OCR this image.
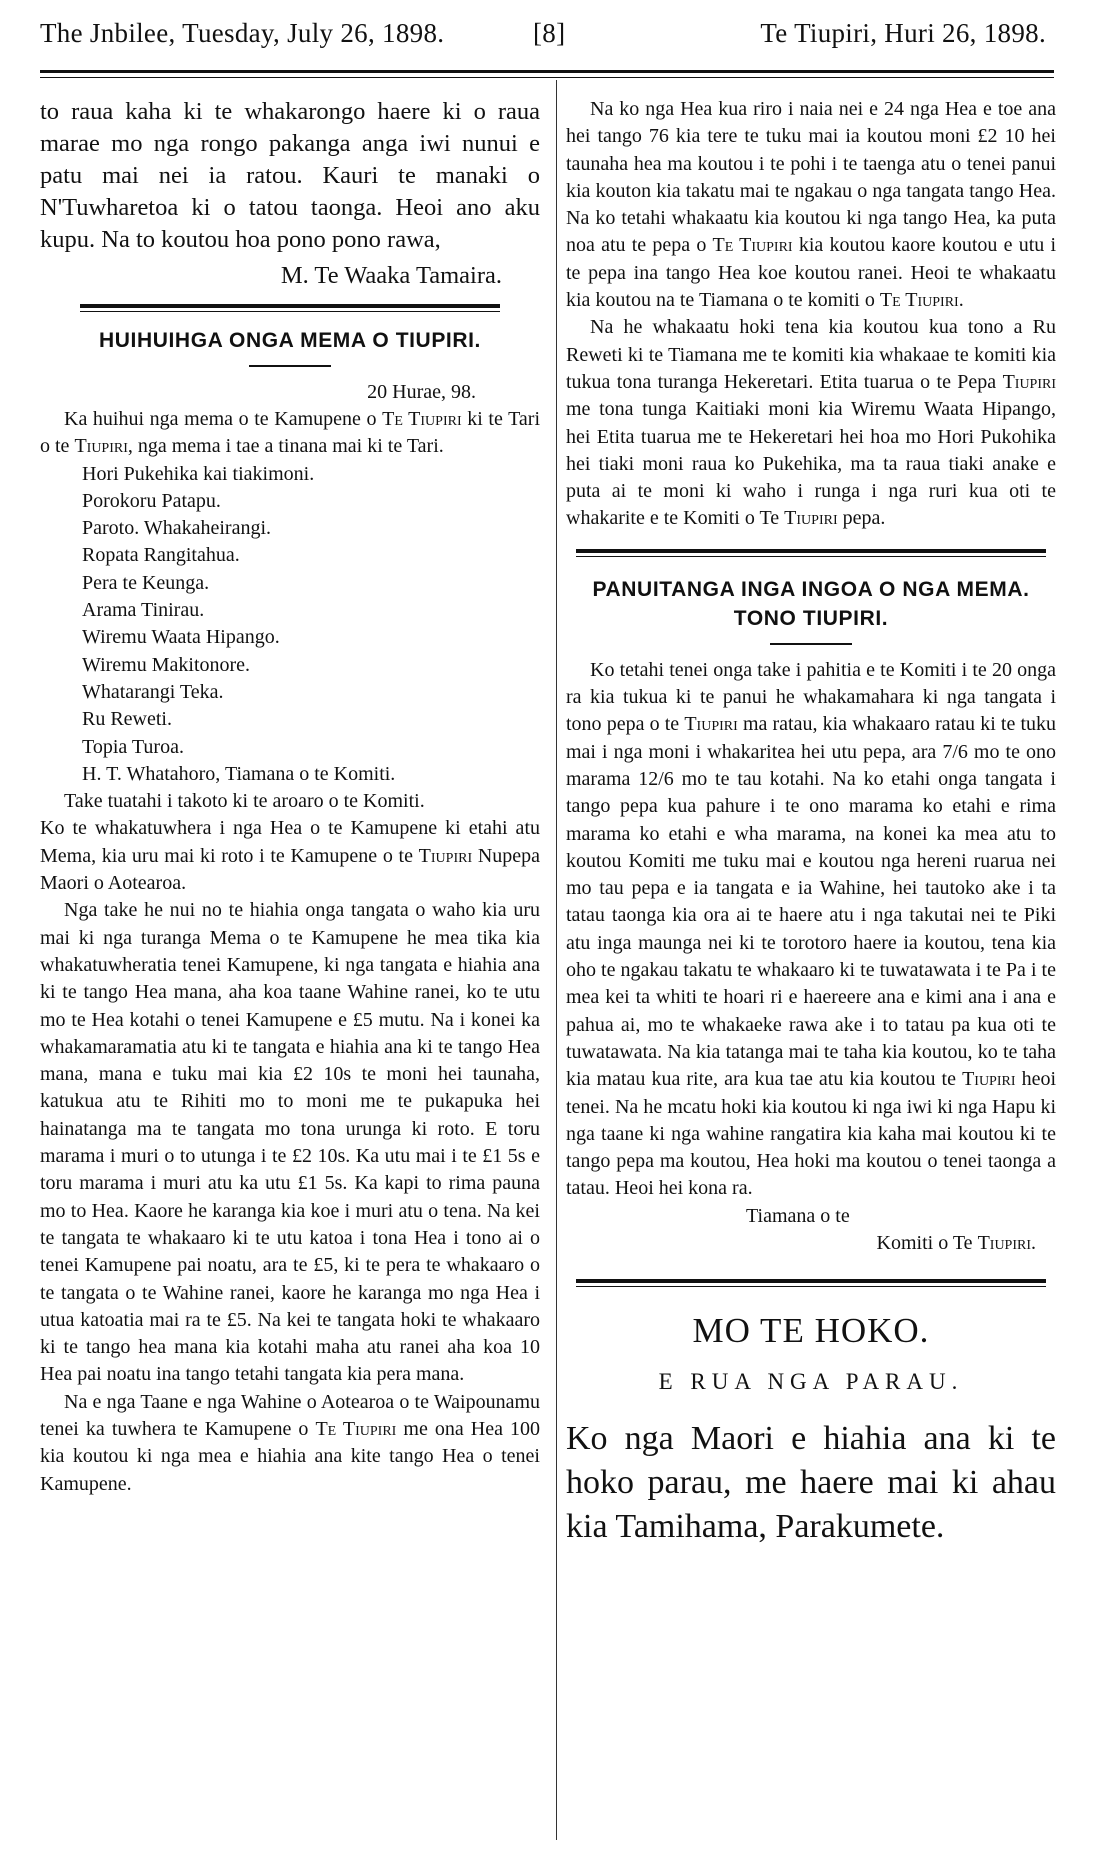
The Jnbilee, Tuesday, July 26, 1898.	[8]	Te Tiupiri, Huri 26, 1898.

to raua kaha ki te whakarongo haere ki o raua marae mo nga rongo pakanga anga iwi nunui e patu mai nei ia ratou. Kauri te manaki o N'Tuwharetoa ki o tatou taonga. Heoi ano aku kupu. Na to koutou hoa pono pono rawa,

M. Te Waaka Tamaira.

HUIHUIHGA ONGA MEMA O TIUPIRI.

20 Hurae, 98.

Ka huihui nga mema o te Kamupene o Te Tiupiri ki te Tari o te Tiupiri, nga mema i tae a tinana mai ki te Tari.

Hori Pukehika kai tiakimoni.
Porokoru Patapu.
Paroto. Whakaheirangi.
Ropata Rangitahua.
Pera te Keunga.
Arama Tinirau.
Wiremu Waata Hipango.
Wiremu Makitonore.
Whatarangi Teka.
Ru Reweti.
Topia Turoa.
H. T. Whatahoro, Tiamana o te Komiti.

Take tuatahi i takoto ki te aroaro o te Komiti.

Ko te whakatuwhera i nga Hea o te Kamupene ki etahi atu Mema, kia uru mai ki roto i te Kamupene o te Tiupiri Nupepa Maori o Aotearoa.

Nga take he nui no te hiahia onga tangata o waho kia uru mai ki nga turanga Mema o te Kamupene he mea tika kia whakatuwheratia tenei Kamupene, ki nga tangata e hiahia ana ki te tango Hea mana, aha koa taane Wahine ranei, ko te utu mo te Hea kotahi o tenei Kamupene e £5 mutu. Na i konei ka whakamaramatia atu ki te tangata e hiahia ana ki te tango Hea mana, mana e tuku mai kia £2 10s te moni hei taunaha, katukua atu te Rihiti mo to moni me te pukapuka hei hainatanga ma te tangata mo tona urunga ki roto. E toru marama i muri o to utunga i te £2 10s. Ka utu mai i te £1 5s e toru marama i muri atu ka utu £1 5s. Ka kapi to rima pauna mo to Hea. Kaore he karanga kia koe i muri atu o tena. Na kei te tangata te whakaaro ki te utu katoa i tona Hea i tono ai o tenei Kamupene pai noatu, ara te £5, ki te pera te whakaaro o te tangata o te Wahine ranei, kaore he karanga mo nga Hea i utua katoatia mai ra te £5. Na kei te tangata hoki te whakaaro ki te tango hea mana kia kotahi maha atu ranei aha koa 10 Hea pai noatu ina tango tetahi tangata kia pera mana.

Na e nga Taane e nga Wahine o Aotearoa o te Waipounamu tenei ka tuwhera te Kamupene o Te Tiupiri me ona Hea 100 kia koutou ki nga mea e hiahia ana kite tango Hea o tenei Kamupene.

Na ko nga Hea kua riro i naia nei e 24 nga Hea e toe ana hei tango 76 kia tere te tuku mai ia koutou moni £2 10 hei taunaha hea ma koutou i te pohi i te taenga atu o tenei panui kia kouton kia takatu mai te ngakau o nga tangata tango Hea. Na ko tetahi whakaatu kia koutou ki nga tango Hea, ka puta noa atu te pepa o Te Tiupiri kia koutou kaore koutou e utu i te pepa ina tango Hea koe koutou ranei. Heoi te whakaatu kia koutou na te Tiamana o te komiti o Te Tiupiri.

Na he whakaatu hoki tena kia koutou kua tono a Ru Reweti ki te Tiamana me te komiti kia whakaae te komiti kia tukua tona turanga Hekeretari. Etita tuarua o te Pepa Tiupiri me tona tunga Kaitiaki moni kia Wiremu Waata Hipango, hei Etita tuarua me te Hekeretari hei hoa mo Hori Pukohika hei tiaki moni raua ko Pukehika, ma ta raua tiaki anake e puta ai te moni ki waho i runga i nga ruri kua oti te whakarite e te Komiti o Te Tiupiri pepa.

PANUITANGA INGA INGOA O NGA MEMA.
TONO TIUPIRI.

Ko tetahi tenei onga take i pahitia e te Komiti i te 20 onga ra kia tukua ki te panui he whakamahara ki nga tangata i tono pepa o te Tiupiri ma ratau, kia whakaaro ratau ki te tuku mai i nga moni i whakaritea hei utu pepa, ara 7/6 mo te ono marama 12/6 mo te tau kotahi. Na ko etahi onga tangata i tango pepa kua pahure i te ono marama ko etahi e rima marama ko etahi e wha marama, na konei ka mea atu to koutou Komiti me tuku mai e koutou nga hereni ruarua nei mo tau pepa e ia tangata e ia Wahine, hei tautoko ake i ta tatau taonga kia ora ai te haere atu i nga takutai nei te Piki atu inga maunga nei ki te torotoro haere ia koutou, tena kia oho te ngakau takatu te whakaaro ki te tuwatawata i te Pa i te mea kei ta whiti te hoari ri e haereere ana e kimi ana i ana e pahua ai, mo te whakaeke rawa ake i to tatau pa kua oti te tuwatawata. Na kia tatanga mai te taha kia koutou, ko te taha kia matau kua rite, ara kua tae atu kia koutou te Tiupiri heoi tenei. Na he mcatu hoki kia koutou ki nga iwi ki nga Hapu ki nga taane ki nga wahine rangatira kia kaha mai koutou ki te tango pepa ma koutou, Hea hoki ma koutou o tenei taonga a tatau. Heoi hei kona ra.

Tiamana o te

Komiti o Te Tiupiri.

MO TE HOKO.
E RUA NGA PARAU.

Ko nga Maori e hiahia ana ki te hoko parau, me haere mai ki ahau kia Tamihama, Parakumete.
